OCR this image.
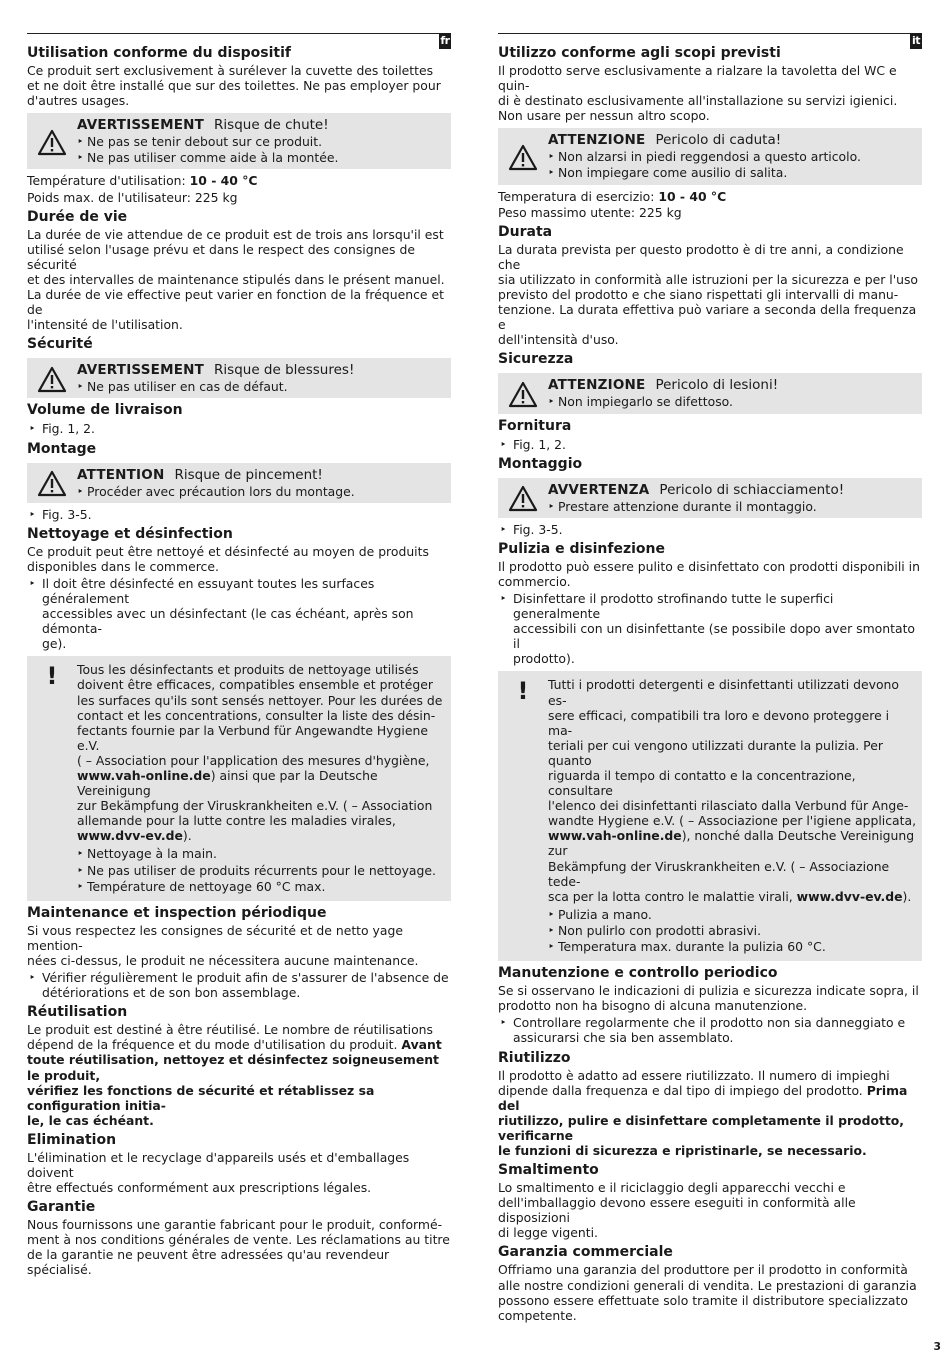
fr
Utilisation conforme du dispositif

Ce produit sert exclusivement à surélever la cuvette des toilettes
et ne doit être installé que sur des toilettes. Ne pas employer pour
d'autres usages.

AVERTISSEMENT Risque de chute!
‣ Ne pas se tenir debout sur ce produit.
‣ Ne pas utiliser comme aide à la montée.

Température d'utilisation: 10 - 40 °C

Poids max. de l'utilisateur: 225 kg

Durée de vie

La durée de vie attendue de ce produit est de trois ans lorsqu'il est
utilisé selon l'usage prévu et dans le respect des consignes de sécurité
et des intervalles de maintenance stipulés dans le présent manuel.
La durée de vie effective peut varier en fonction de la fréquence et de
l'intensité de l'utilisation.

Sécurité
AVERTISSEMENT Risque de blessures!
‣ Ne pas utiliser en cas de défaut.
Volume de livraison
‣ Fig. 1, 2.
Montage
ATTENTION Risque de pincement!
‣ Procéder avec précaution lors du montage.
‣ Fig. 3-5.
Nettoyage et désinfection

Ce produit peut être nettoyé et désinfecté au moyen de produits
disponibles dans le commerce.

‣ Il doit être désinfecté en essuyant toutes les surfaces généralement
accessibles avec un désinfectant (le cas échéant, après son démonta-
ge).
!	Tous les désinfectants et produits de nettoyage utilisés
doivent être efficaces, compatibles ensemble et protéger
les surfaces qu'ils sont sensés nettoyer. Pour les durées de
contact et les concentrations, consulter la liste des désin-
fectants fournie par la Verbund für Angewandte Hygiene e.V.
( – Association pour l'application des mesures d'hygiène,
www.vah-online.de) ainsi que par la Deutsche Vereinigung
zur Bekämpfung der Viruskrankheiten e.V. ( – Association
allemande pour la lutte contre les maladies virales,
www.dvv-ev.de).

‣ Nettoyage à la main.
‣ Ne pas utiliser de produits récurrents pour le nettoyage.
‣ Température de nettoyage 60 °C max.
Maintenance et inspection périodique

Si vous respectez les consignes de sécurité et de netto yage mention-
nées ci-dessus, le produit ne nécessitera aucune maintenance.

‣ Vérifier régulièrement le produit afin de s'assurer de l'absence de
détériorations et de son bon assemblage.
Réutilisation

Le produit est destiné à être réutilisé. Le nombre de réutilisations
dépend de la fréquence et du mode d'utilisation du produit. Avant
toute réutilisation, nettoyez et désinfectez soigneusement le produit,
vérifiez les fonctions de sécurité et rétablissez sa configuration initia-
le, le cas échéant.

Elimination

L'élimination et le recyclage d'appareils usés et d'emballages doivent
être effectués conformément aux prescriptions légales.

Garantie

Nous fournissons une garantie fabricant pour le produit, conformé-
ment à nos conditions générales de vente. Les réclamations au titre
de la garantie ne peuvent être adressées qu'au revendeur spécialisé.

it
Utilizzo conforme agli scopi previsti

Il prodotto serve esclusivamente a rialzare la tavoletta del WC e quin-
di è destinato esclusivamente all'installazione su servizi igienici.
Non usare per nessun altro scopo.

ATTENZIONE Pericolo di caduta!
‣ Non alzarsi in piedi reggendosi a questo articolo.
‣ Non impiegare come ausilio di salita.

Temperatura di esercizio: 10 - 40 °C

Peso massimo utente: 225 kg

Durata

La durata prevista per questo prodotto è di tre anni, a condizione che
sia utilizzato in conformità alle istruzioni per la sicurezza e per l'uso
previsto del prodotto e che siano rispettati gli intervalli di manu-
tenzione. La durata effettiva può variare a seconda della frequenza e
dell'intensità d'uso.

Sicurezza
ATTENZIONE Pericolo di lesioni!
‣ Non impiegarlo se difettoso.
Fornitura
‣ Fig. 1, 2.
Montaggio
AVVERTENZA Pericolo di schiacciamento!
‣ Prestare attenzione durante il montaggio.
‣ Fig. 3-5.
Pulizia e disinfezione

Il prodotto può essere pulito e disinfettato con prodotti disponibili in
commercio.

‣ Disinfettare il prodotto strofinando tutte le superfici generalmente
accessibili con un disinfettante (se possibile dopo aver smontato il
prodotto).
!	Tutti i prodotti detergenti e disinfettanti utilizzati devono es-
sere efficaci, compatibili tra loro e devono proteggere i ma-
teriali per cui vengono utilizzati durante la pulizia. Per quanto
riguarda il tempo di contatto e la concentrazione, consultare
l'elenco dei disinfettanti rilasciato dalla Verbund für Ange-
wandte Hygiene e.V. ( – Associazione per l'igiene applicata,
www.vah-online.de), nonché dalla Deutsche Vereinigung zur
Bekämpfung der Viruskrankheiten e.V. ( – Associazione tede-
sca per la lotta contro le malattie virali, www.dvv-ev.de).

‣ Pulizia a mano.
‣ Non pulirlo con prodotti abrasivi.
‣ Temperatura max. durante la pulizia 60 °C.
Manutenzione e controllo periodico

Se si osservano le indicazioni di pulizia e sicurezza indicate sopra, il
prodotto non ha bisogno di alcuna manutenzione.

‣ Controllare regolarmente che il prodotto non sia danneggiato e
assicurarsi che sia ben assemblato.
Riutilizzo

Il prodotto è adatto ad essere riutilizzato. Il numero di impieghi
dipende dalla frequenza e dal tipo di impiego del prodotto. Prima del
riutilizzo, pulire e disinfettare completamente il prodotto, verificarne
le funzioni di sicurezza e ripristinarle, se necessario.

Smaltimento

Lo smaltimento e il riciclaggio degli apparecchi vecchi e
dell'imballaggio devono essere eseguiti in conformità alle disposizioni
di legge vigenti.

Garanzia commerciale

Offriamo una garanzia del produttore per il prodotto in conformità
alle nostre condizioni generali di vendita. Le prestazioni di garanzia
possono essere effettuate solo tramite il distributore specializzato
competente.

3
